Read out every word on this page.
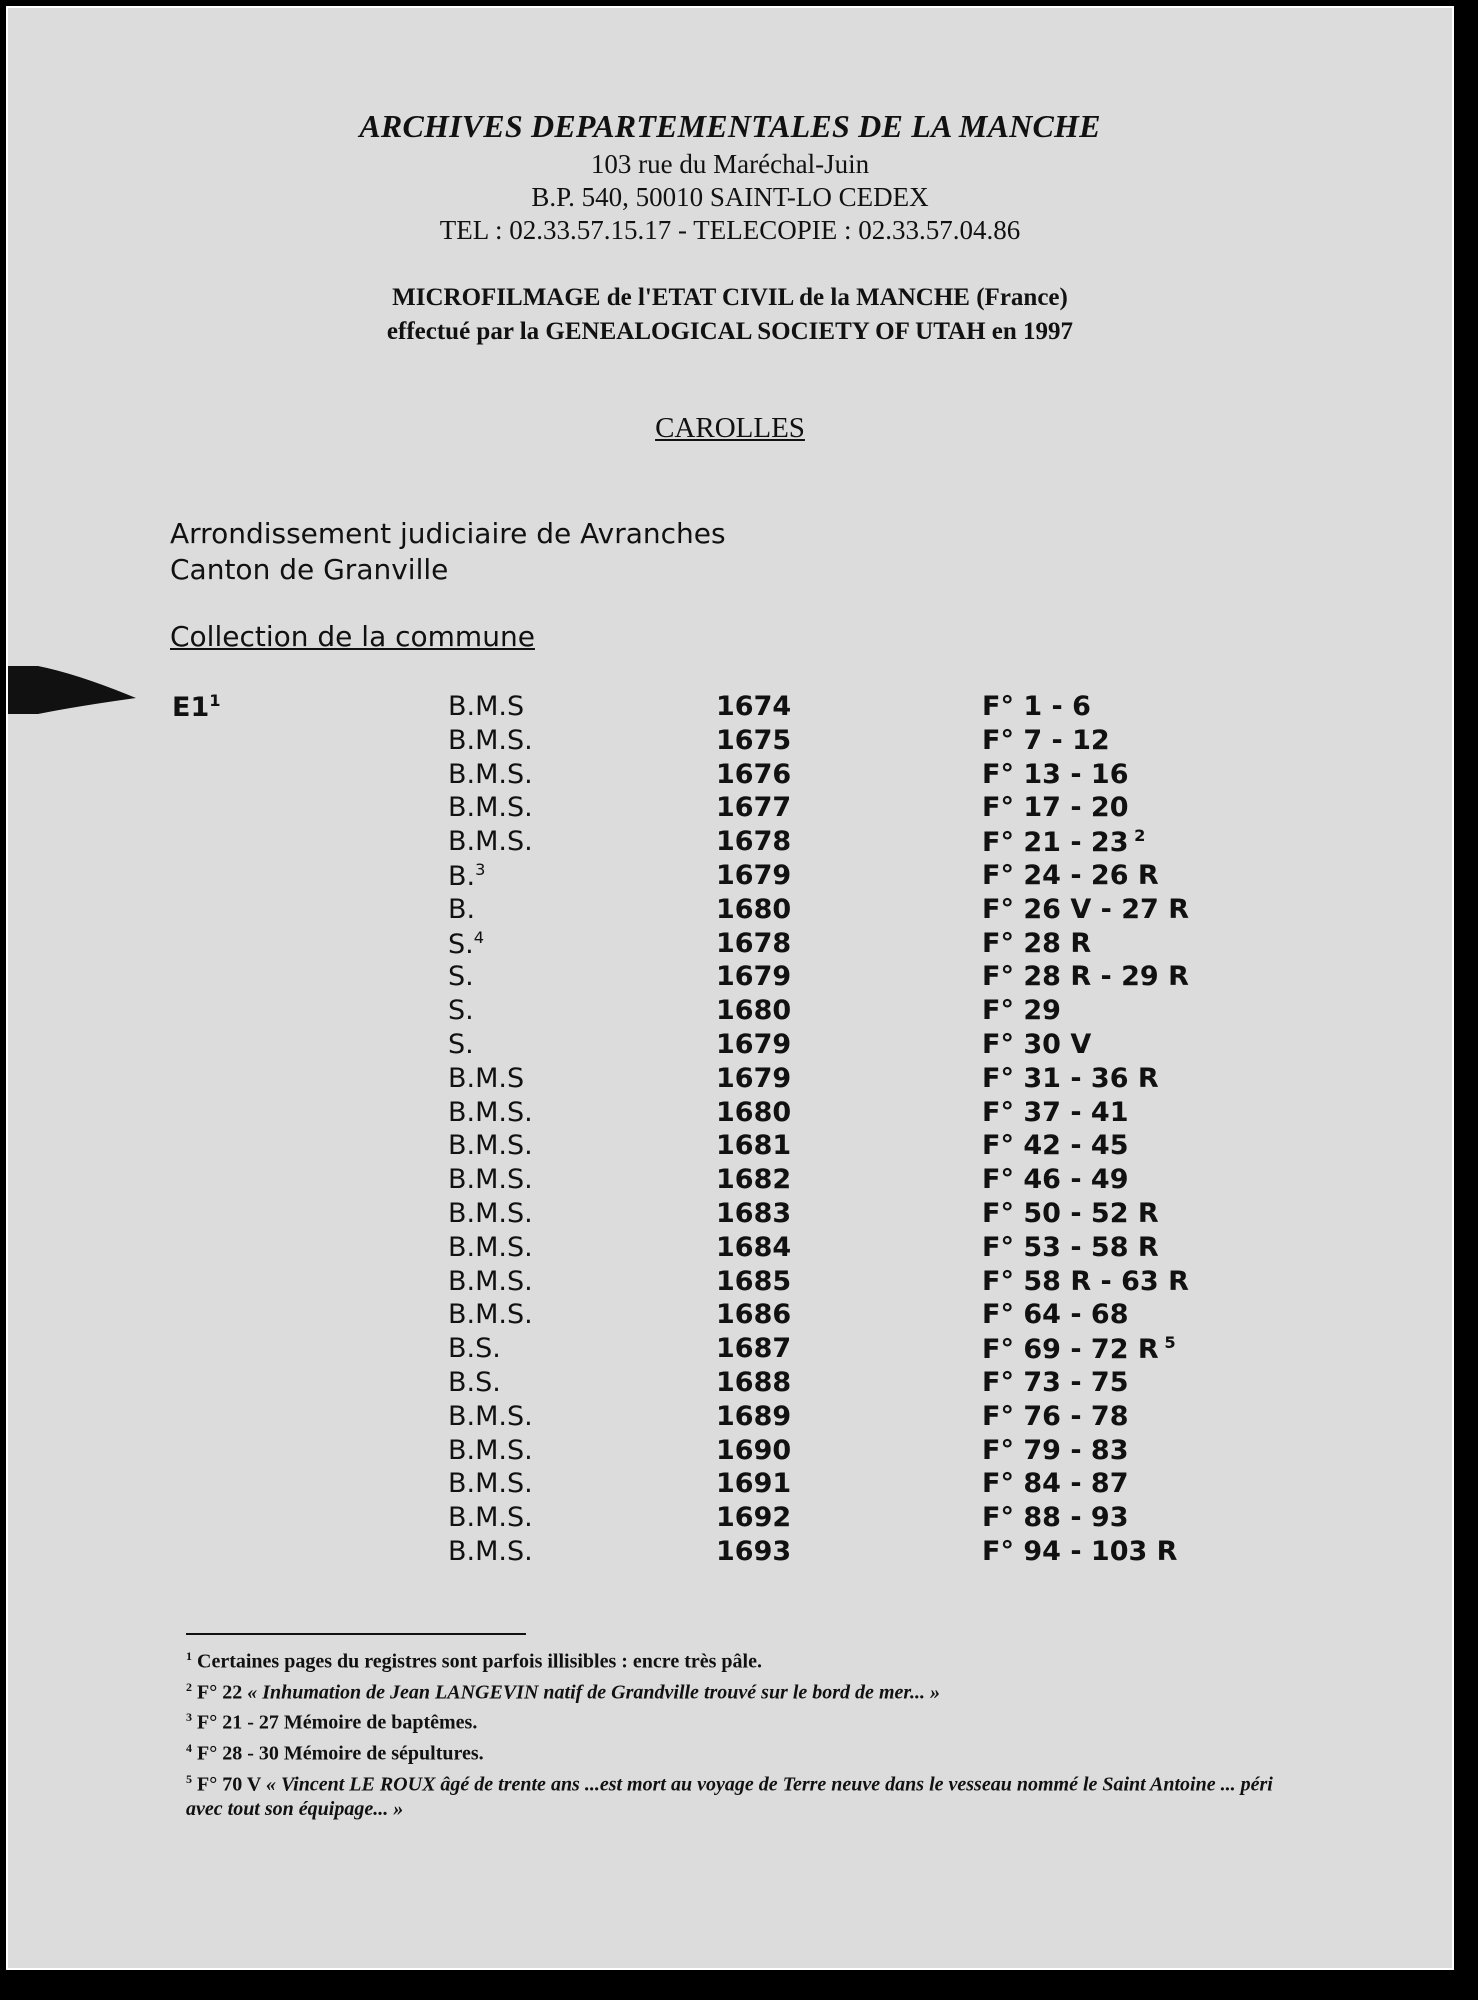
ARCHIVES DEPARTEMENTALES DE LA MANCHE
103 rue du Maréchal-Juin
B.P. 540, 50010 SAINT-LO CEDEX
TEL : 02.33.57.15.17 - TELECOPIE : 02.33.57.04.86
MICROFILMAGE de l'ETAT CIVIL de la MANCHE (France)
effectué par la GENEALOGICAL SOCIETY OF UTAH en 1997
CAROLLES
Arrondissement judiciaire de Avranches
Canton de Granville
Collection de la commune
$E1^1$	B.M.S	1674	F° 1 - 6
B.M.S.	1675	F° 7 - 12
B.M.S.	1676	F° 13 - 16
B.M.S.	1677	F° 17 - 20
B.M.S.	1678	F° 21 - 23 $^2$
B.$^3$	1679	F° 24 - 26 R
B.	1680	F° 26 V - 27 R
S.$^4$	1678	F° 28 R
S.	1679	F° 28 R - 29 R
S.	1680	F° 29
S.	1679	F° 30 V
B.M.S	1679	F° 31 - 36 R
B.M.S.	1680	F° 37 - 41
B.M.S.	1681	F° 42 - 45
B.M.S.	1682	F° 46 - 49
B.M.S.	1683	F° 50 - 52 R
B.M.S.	1684	F° 53 - 58 R
B.M.S.	1685	F° 58 R - 63 R
B.M.S.	1686	F° 64 - 68
B.S.	1687	F° 69 - 72 R $^5$
B.S.	1688	F° 73 - 75
B.M.S.	1689	F° 76 - 78
B.M.S.	1690	F° 79 - 83
B.M.S.	1691	F° 84 - 87
B.M.S.	1692	F° 88 - 93
B.M.S.	1693	F° 94 - 103 R

$^1$ Certaines pages du registres sont parfois illisibles : encre très pâle.

$^2$ F° 22 « Inhumation de Jean LANGEVIN natif de Grandville trouvé sur le bord de mer... »

$^3$ F° 21 - 27 Mémoire de baptêmes.

$^4$ F° 28 - 30 Mémoire de sépultures.

$^5$ F° 70 V « Vincent LE ROUX âgé de trente ans ...est mort au voyage de Terre neuve dans le vesseau nommé le Saint Antoine ... péri avec tout son équipage... »
